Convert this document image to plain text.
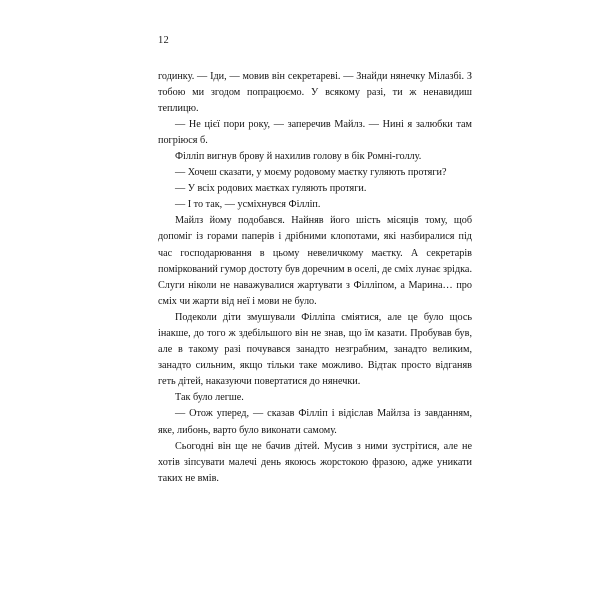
12

годинку. — Іди, — мовив він секретареві. — Знайди нянечку Мілазбі. З тобою ми згодом попрацюємо. У всякому разі, ти ж ненавидиш теплицю.

— Не цієї пори року, — заперечив Майлз. — Нині я залюбки там погріюся б.

Філліп вигнув брову й нахилив голову в бік Ромні-голлу.

— Хочеш сказати, у моєму родовому маєтку гуляють протяги?

— У всіх родових маєтках гуляють протяги.

— І то так, — усміхнувся Філліп.

Майлз йому подобався. Найняв його шість місяців тому, щоб допоміг із горами паперів і дрібними клопотами, які назбиралися під час господарювання в цьому невеличкому маєтку. А секретарів поміркований гумор достоту був доречним в оселі, де сміх лунає зрідка. Слуги ніколи не наважувалися жартувати з Філліпом, а Марина… про сміх чи жарти від неї і мови не було.

Подеколи діти змушували Філліпа сміятися, але це було щось інакше, до того ж здебільшого він не знав, що їм казати. Пробував був, але в такому разі почувався занадто незграбним, занадто великим, занадто сильним, якщо тільки таке можливо. Відтак просто відганяв геть дітей, наказуючи повертатися до нянечки.

Так було легше.

— Отож уперед, — сказав Філліп і відіслав Майлза із завданням, яке, либонь, варто було виконати самому.

Сьогодні він ще не бачив дітей. Мусив з ними зустрітися, але не хотів зіпсувати малечі день якоюсь жорстокою фразою, адже уникати таких не вмів.
